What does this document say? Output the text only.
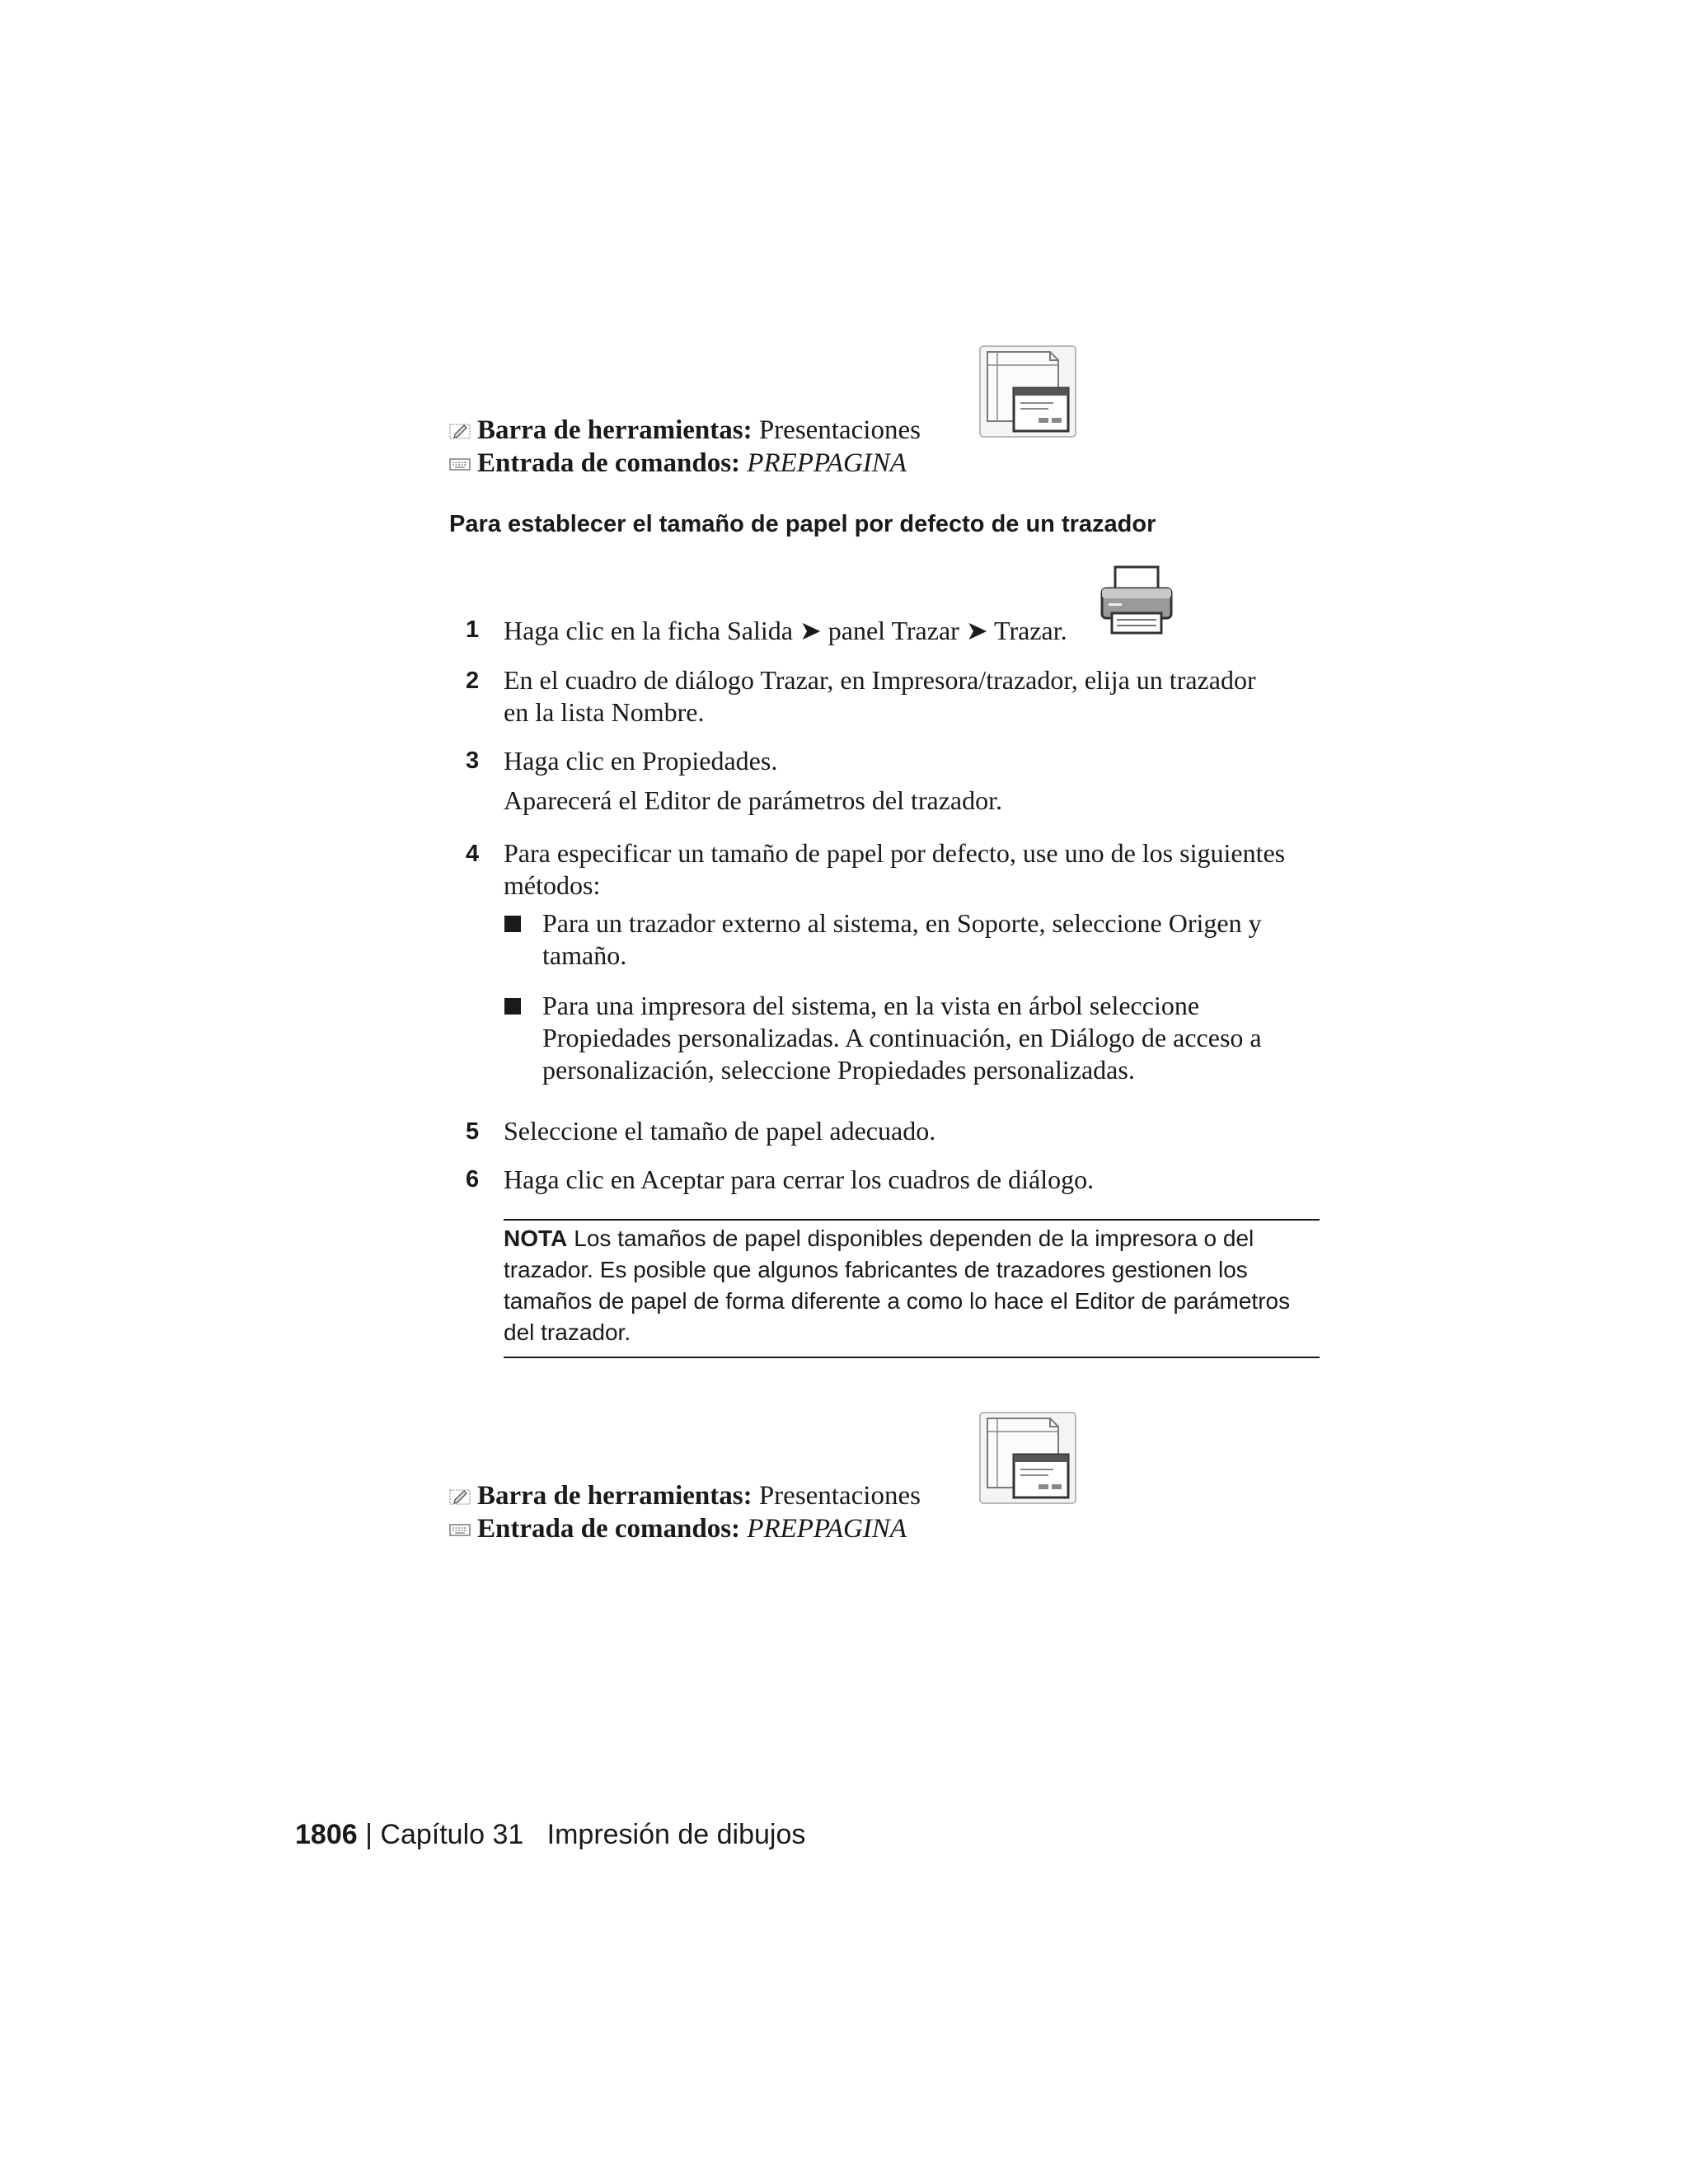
Barra de herramientas: Presentaciones
Entrada de comandos: PREPPAGINA
Para establecer el tamaño de papel por defecto de un trazador
1 Haga clic en la ficha Salida ➤ panel Trazar ➤ Trazar.
2 En el cuadro de diálogo Trazar, en Impresora/trazador, elija un trazador
en la lista Nombre.
3 Haga clic en Propiedades.
Aparecerá el Editor de parámetros del trazador.
4 Para especificar un tamaño de papel por defecto, use uno de los siguientes
métodos:
Para un trazador externo al sistema, en Soporte, seleccione Origen y
tamaño.
Para una impresora del sistema, en la vista en árbol seleccione
Propiedades personalizadas. A continuación, en Diálogo de acceso a
personalización, seleccione Propiedades personalizadas.
5 Seleccione el tamaño de papel adecuado.
6 Haga clic en Aceptar para cerrar los cuadros de diálogo.
NOTA Los tamaños de papel disponibles dependen de la impresora o del
trazador. Es posible que algunos fabricantes de trazadores gestionen los
tamaños de papel de forma diferente a como lo hace el Editor de parámetros
del trazador.
Barra de herramientas: Presentaciones
Entrada de comandos: PREPPAGINA
1806 | Capítulo 31 Impresión de dibujos
